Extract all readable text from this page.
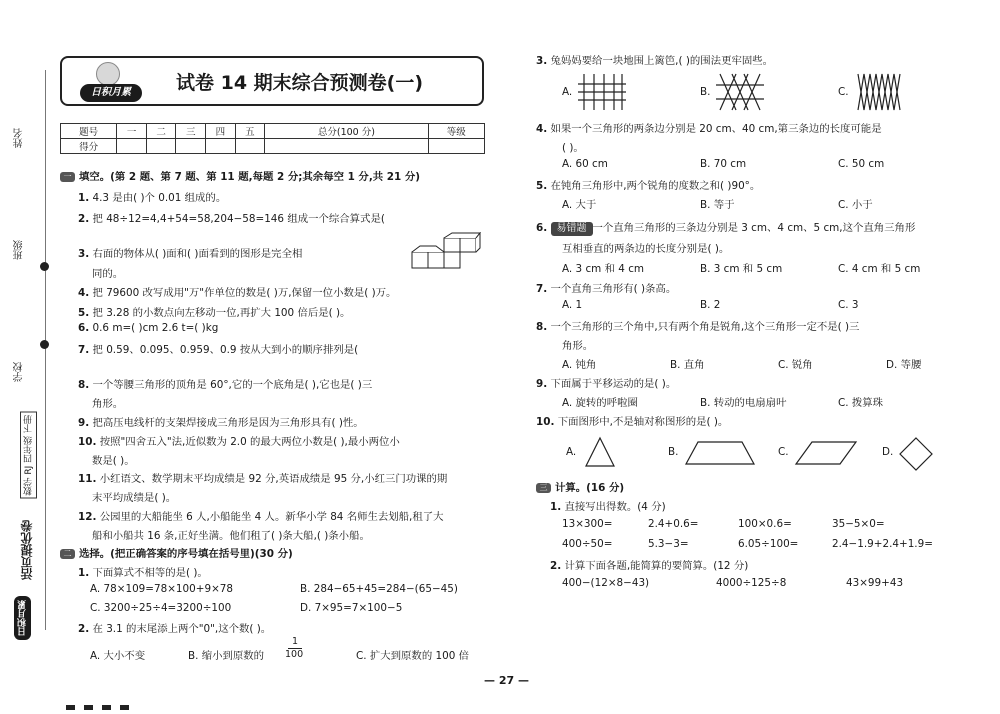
姓名
班级
学校
活页提优卷
数学 RJ 四年级 下册
日积月累
日积月累	试卷 14 期末综合预测卷(一)
题号	一	二	三	四	五	总分(100 分)	等级
得分							
一 填空。(第 2 题、第 7 题、第 11 题,每题 2 分;其余每空 1 分,共 21 分)
1. 4.3 是由( )个 0.01 组成的。
2. 把 48÷12=4,4+54=58,204−58=146 组成一个综合算式是(
3. 右面的物体从( )面和( )面看到的图形是完全相
同的。
4. 把 79600 改写成用"万"作单位的数是( )万,保留一位小数是( )万。
5. 把 3.28 的小数点向左移动一位,再扩大 100 倍后是( )。
6. 0.6 m=( )cm 2.6 t=( )kg
7. 把 0.59、0.095、0.959、0.9 按从大到小的顺序排列是(
8. 一个等腰三角形的顶角是 60°,它的一个底角是( ),它也是( )三
角形。
9. 把高压电线杆的支架焊接成三角形是因为三角形具有( )性。
10. 按照"四舍五入"法,近似数为 2.0 的最大两位小数是( ),最小两位小
数是( )。
11. 小红语文、数学期末平均成绩是 92 分,英语成绩是 95 分,小红三门功课的期
末平均成绩是( )。
12. 公园里的大船能坐 6 人,小船能坐 4 人。新华小学 84 名师生去划船,租了大
船和小船共 16 条,正好坐满。他们租了( )条大船,( )条小船。
二 选择。(把正确答案的序号填在括号里)(30 分)
1. 下面算式不相等的是( )。
A. 78×109=78×100+9×78	B. 284−65+45=284−(65−45)
C. 3200÷25÷4=3200÷100	D. 7×95=7×100−5
2. 在 3.1 的末尾添上两个"0",这个数( )。
A. 大小不变	B. 缩小到原数的	$\frac{1}{100}$	C. 扩大到原数的 100 倍
3. 兔妈妈要给一块地围上篱笆,( )的围法更牢固些。
A.	B.	C.
4. 如果一个三角形的两条边分别是 20 cm、40 cm,第三条边的长度可能是
( )。
A. 60 cm	B. 70 cm	C. 50 cm
5. 在钝角三角形中,两个锐角的度数之和( )90°。
A. 大于	B. 等于	C. 小于
6. 易错题 一个直角三角形的三条边分别是 3 cm、4 cm、5 cm,这个直角三角形
互相垂直的两条边的长度分别是( )。
A. 3 cm 和 4 cm	B. 3 cm 和 5 cm	C. 4 cm 和 5 cm
7. 一个直角三角形有( )条高。
A. 1	B. 2	C. 3
8. 一个三角形的三个角中,只有两个角是锐角,这个三角形一定不是( )三
角形。
A. 钝角	B. 直角	C. 锐角	D. 等腰
9. 下面属于平移运动的是( )。
A. 旋转的呼啦圈	B. 转动的电扇扇叶	C. 拨算珠
10. 下面图形中,不是轴对称图形的是( )。
A.	B.	C.	D.
三 计算。(16 分)
1. 直接写出得数。(4 分)
13×300=	2.4+0.6=	100×0.6=	35−5×0=
400÷50=	5.3−3=	6.05÷100=	2.4−1.9+2.4+1.9=
2. 计算下面各题,能简算的要简算。(12 分)
400−(12×8−43)	4000÷125÷8	43×99+43
— 27 —
